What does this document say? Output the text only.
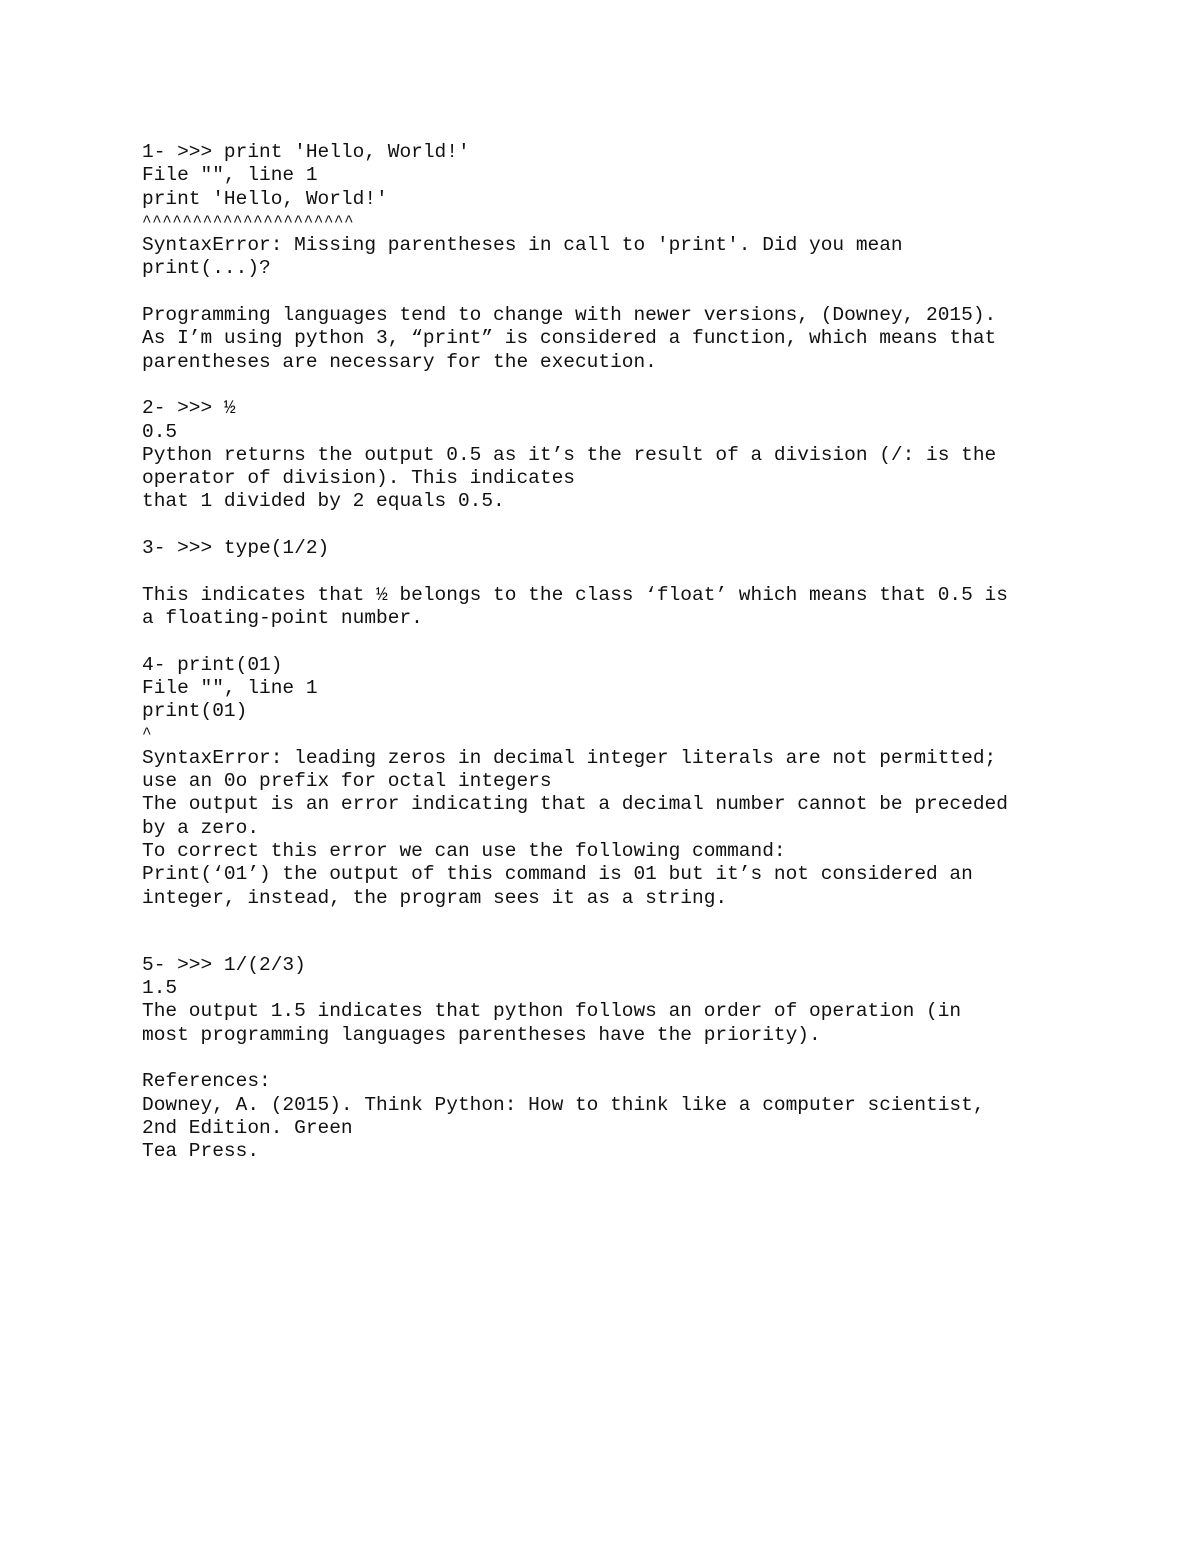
1- >>> print 'Hello, World!'
File "", line 1
print 'Hello, World!'
^^^^^^^^^^^^^^^^^^^^^
SyntaxError: Missing parentheses in call to 'print'. Did you mean
print(...)?
Programming languages tend to change with newer versions, (Downey, 2015).
As I’m using python 3, “print” is considered a function, which means that
parentheses are necessary for the execution.
2- >>> ½
0.5
Python returns the output 0.5 as it’s the result of a division (/: is the
operator of division). This indicates
that 1 divided by 2 equals 0.5.
3- >>> type(1/2)
This indicates that ½ belongs to the class ‘float’ which means that 0.5 is
a floating-point number.
4- print(01)
File "", line 1
print(01)
^
SyntaxError: leading zeros in decimal integer literals are not permitted;
use an 0o prefix for octal integers
The output is an error indicating that a decimal number cannot be preceded
by a zero.
To correct this error we can use the following command:
Print(‘01’) the output of this command is 01 but it’s not considered an
integer, instead, the program sees it as a string.
5- >>> 1/(2/3)
1.5
The output 1.5 indicates that python follows an order of operation (in
most programming languages parentheses have the priority).
References:
Downey, A. (2015). Think Python: How to think like a computer scientist,
2nd Edition. Green
Tea Press.
